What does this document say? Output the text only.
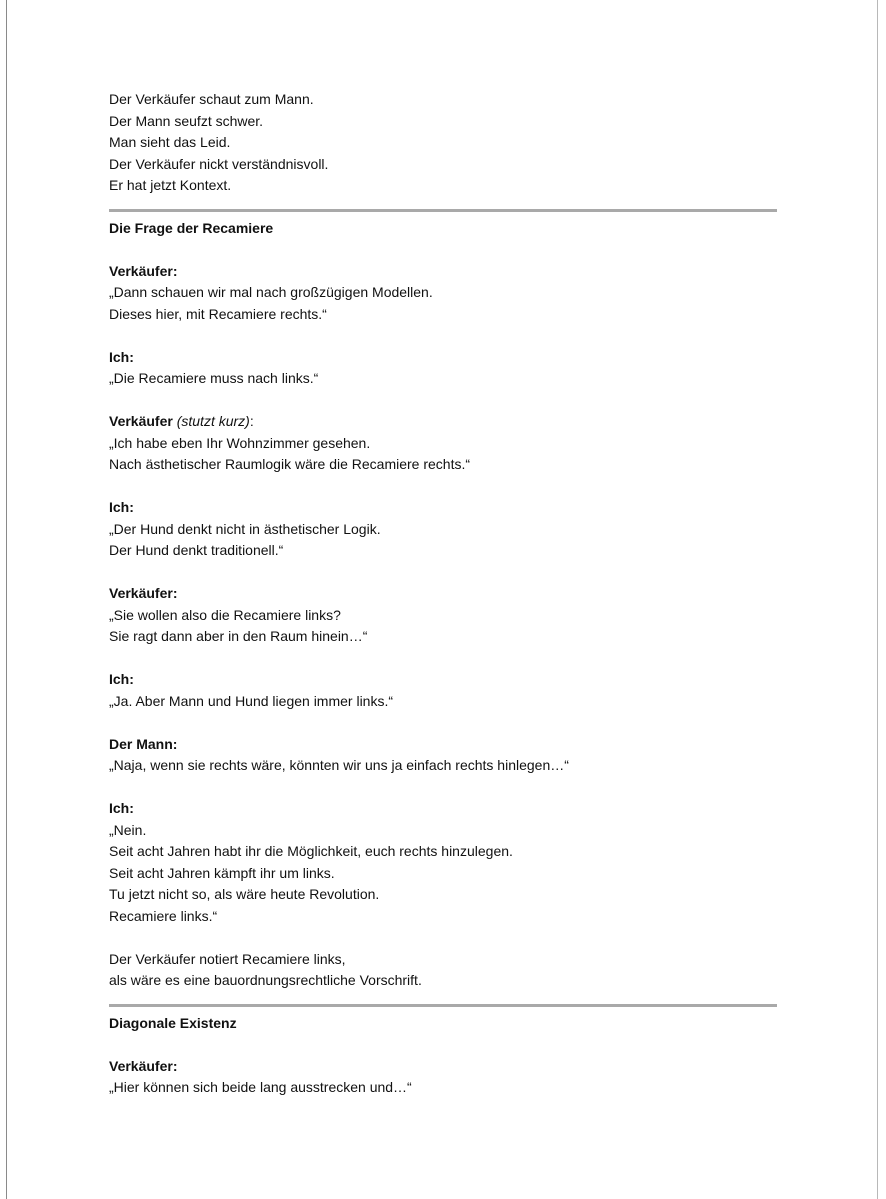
Der Verkäufer schaut zum Mann.
Der Mann seufzt schwer.
Man sieht das Leid.
Der Verkäufer nickt verständnisvoll.
Er hat jetzt Kontext.
Die Frage der Recamiere
Verkäufer:
„Dann schauen wir mal nach großzügigen Modellen.
Dieses hier, mit Recamiere rechts.“
Ich:
„Die Recamiere muss nach links.“
Verkäufer (stutzt kurz):
„Ich habe eben Ihr Wohnzimmer gesehen.
Nach ästhetischer Raumlogik wäre die Recamiere rechts.“
Ich:
„Der Hund denkt nicht in ästhetischer Logik.
Der Hund denkt traditionell.“
Verkäufer:
„Sie wollen also die Recamiere links?
Sie ragt dann aber in den Raum hinein…“
Ich:
„Ja. Aber Mann und Hund liegen immer links.“
Der Mann:
„Naja, wenn sie rechts wäre, könnten wir uns ja einfach rechts hinlegen…“
Ich:
„Nein.
Seit acht Jahren habt ihr die Möglichkeit, euch rechts hinzulegen.
Seit acht Jahren kämpft ihr um links.
Tu jetzt nicht so, als wäre heute Revolution.
Recamiere links.“
Der Verkäufer notiert Recamiere links,
als wäre es eine bauordnungsrechtliche Vorschrift.
Diagonale Existenz
Verkäufer:
„Hier können sich beide lang ausstrecken und…“
